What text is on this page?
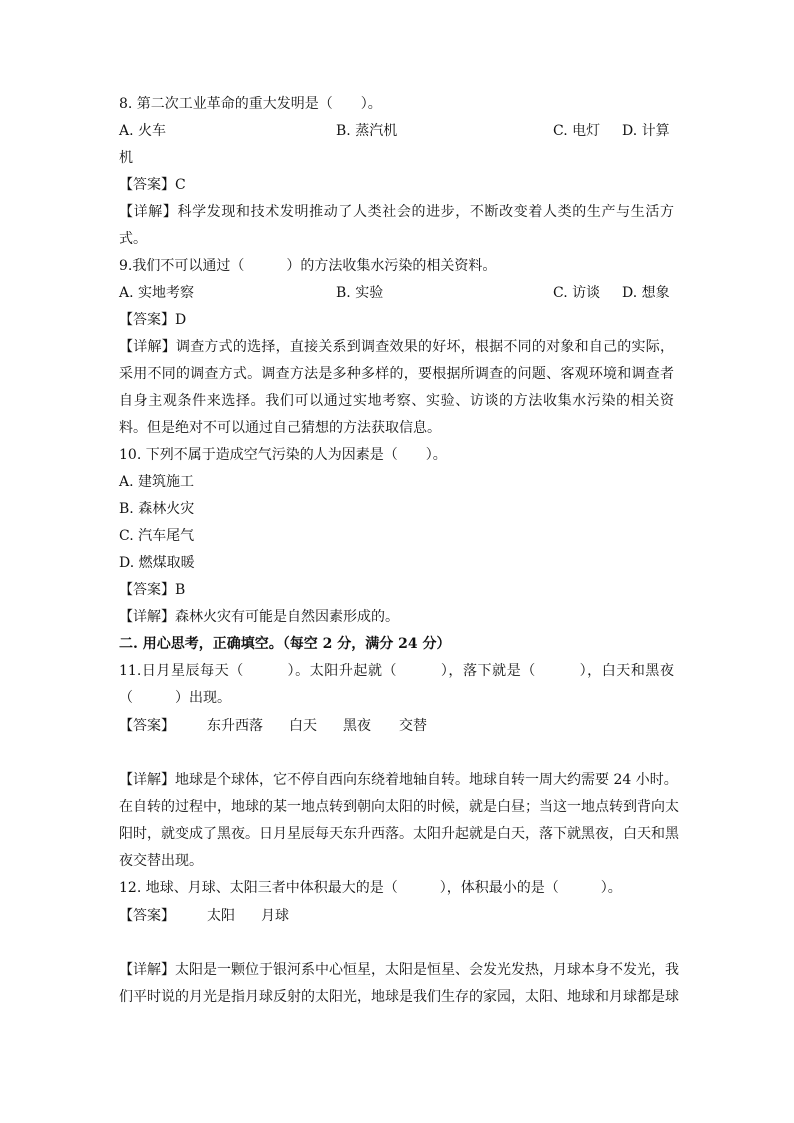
8. 第二次工业革命的重大发明是（　　）。
A. 火车	B. 蒸汽机	C. 电灯 D. 计算
机
【答案】C
【详解】科学发现和技术发明推动了人类社会的进步，不断改变着人类的生产与生活方
式。
9.我们不可以通过（　　　）的方法收集水污染的相关资料。
A. 实地考察	B. 实验	C. 访谈 D. 想象
【答案】D
【详解】调查方式的选择，直接关系到调查效果的好坏，根据不同的对象和自己的实际，
采用不同的调查方式。调查方法是多种多样的，要根据所调查的问题、客观环境和调查者
自身主观条件来选择。我们可以通过实地考察、实验、访谈的方法收集水污染的相关资
料。但是绝对不可以通过自己猜想的方法获取信息。
10. 下列不属于造成空气污染的人为因素是（　　）。
A. 建筑施工
B. 森林火灾
C. 汽车尾气
D. 燃煤取暖
【答案】B
【详解】森林火灾有可能是自然因素形成的。
二. 用心思考，正确填空。（每空 2 分，满分 24 分）
11.日月星辰每天（　　　）。太阳升起就（　　　），落下就是（　　　），白天和黑夜
（　　　）出现。
【答案】 东升西落 白天 黑夜 交替
【详解】地球是个球体，它不停自西向东绕着地轴自转。地球自转一周大约需要 24 小时。
在自转的过程中，地球的某一地点转到朝向太阳的时候，就是白昼；当这一地点转到背向太
阳时，就变成了黑夜。日月星辰每天东升西落。太阳升起就是白天，落下就黑夜，白天和黑
夜交替出现。
12. 地球、月球、太阳三者中体积最大的是（　　　），体积最小的是（　　　）。
【答案】 太阳 月球
【详解】太阳是一颗位于银河系中心恒星，太阳是恒星、会发光发热，月球本身不发光，我
们平时说的月光是指月球反射的太阳光，地球是我们生存的家园，太阳、地球和月球都是球
